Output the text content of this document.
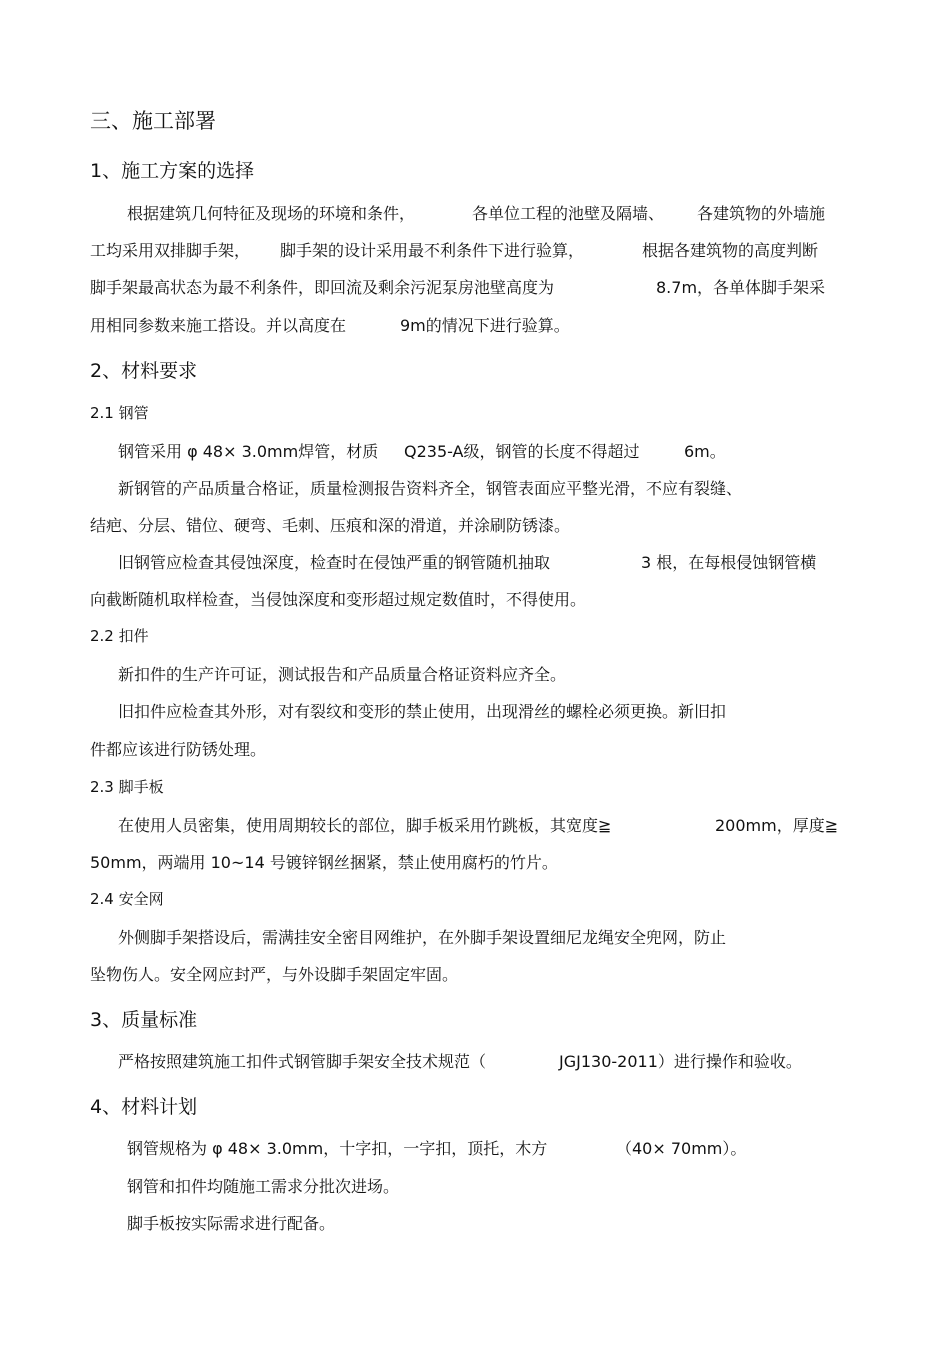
三、施工部署
1、施工方案的选择

根据建筑几何特征及现场的环境和条件，	各单位工程的池壁及隔墙、 各建筑物的外墙施

工均采用双排脚手架， 脚手架的设计采用最不利条件下进行验算，	根据各建筑物的高度判断

脚手架最高状态为最不利条件，即回流及剩余污泥泵房池壁高度为	8.7m，各单体脚手架采

用相同参数来施工搭设。并以高度在	9m的情况下进行验算。

2、材料要求
2.1 钢管

钢管采用 φ 48× 3.0mm焊管，材质 Q235-A级，钢管的长度不得超过	6m。

新钢管的产品质量合格证，质量检测报告资料齐全，钢管表面应平整光滑，不应有裂缝、

结疤、分层、错位、硬弯、毛刺、压痕和深的滑道，并涂刷防锈漆。

旧钢管应检查其侵蚀深度，检查时在侵蚀严重的钢管随机抽取	3 根，在每根侵蚀钢管横

向截断随机取样检查，当侵蚀深度和变形超过规定数值时，不得使用。

2.2 扣件

新扣件的生产许可证，测试报告和产品质量合格证资料应齐全。

旧扣件应检查其外形，对有裂纹和变形的禁止使用，出现滑丝的螺栓必须更换。新旧扣

件都应该进行防锈处理。

2.3 脚手板

在使用人员密集，使用周期较长的部位，脚手板采用竹跳板，其宽度≧	200mm，厚度≧

50mm，两端用 10~14 号镀锌钢丝捆紧，禁止使用腐朽的竹片。

2.4 安全网

外侧脚手架搭设后，需满挂安全密目网维护，在外脚手架设置细尼龙绳安全兜网，防止

坠物伤人。安全网应封严，与外设脚手架固定牢固。

3、质量标准

严格按照建筑施工扣件式钢管脚手架安全技术规范（	JGJ130-2011）进行操作和验收。

4、材料计划

钢管规格为 φ 48× 3.0mm，十字扣，一字扣，顶托，木方	（40× 70mm）。

钢管和扣件均随施工需求分批次进场。

脚手板按实际需求进行配备。
